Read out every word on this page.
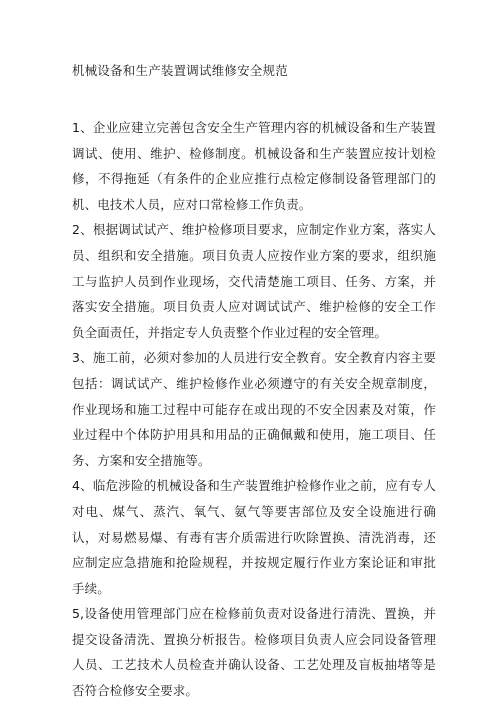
机械设备和生产装置调试维修安全规范

1、企业应建立完善包含安全生产管理内容的机械设备和生产装置调试、使用、维护、检修制度。机械设备和生产装置应按计划检修，不得拖延（有条件的企业应推行点检定修制设备管理部门的机、电技术人员，应对口常检修工作负责。

2、根据调试试产、维护检修项目要求，应制定作业方案，落实人员、组织和安全措施。项目负责人应按作业方案的要求，组织施工与监护人员到作业现场，交代清楚施工项目、任务、方案，并落实安全措施。项目负责人应对调试试产、维护检修的安全工作负全面责任，并指定专人负责整个作业过程的安全管理。

3、施工前，必须对参加的人员进行安全教育。安全教育内容主要包括：调试试产、维护检修作业必须遵守的有关安全规章制度，作业现场和施工过程中可能存在或出现的不安全因素及对策，作业过程中个体防护用具和用品的正确佩戴和使用，施工项目、任务、方案和安全措施等。

4、临危涉险的机械设备和生产装置维护检修作业之前，应有专人对电、煤气、蒸汽、氧气、氨气等要害部位及安全设施进行确认，对易燃易爆、有毒有害介质需进行吹除置换、清洗消毒，还应制定应急措施和抢险规程，并按规定履行作业方案论证和审批手续。

5,设备使用管理部门应在检修前负责对设备进行清洗、置换，并提交设备清洗、置换分析报告。检修项目负责人应会同设备管理人员、工艺技术人员检查并确认设备、工艺处理及盲板抽堵等是否符合检修安全要求。
